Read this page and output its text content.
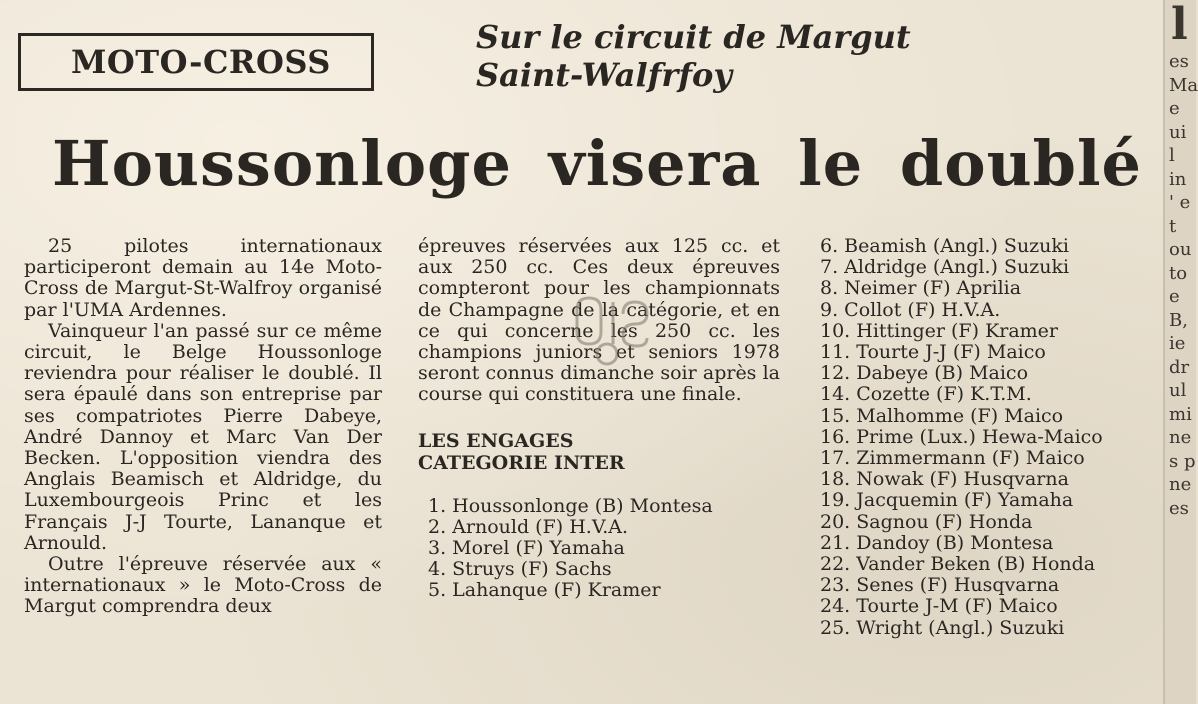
MOTO-CROSS
Sur le circuit de Margut
Saint-Walfrfoy
Houssonloge visera le doublé

25 pilotes internationaux participeront demain au 14e Moto-Cross de Margut-St-Walfroy organisé par l'UMA Ardennes.

Vainqueur l'an passé sur ce même circuit, le Belge Houssonloge reviendra pour réaliser le doublé. Il sera épaulé dans son entreprise par ses compatriotes Pierre Dabeye, André Dannoy et Marc Van Der Becken. L'opposition viendra des Anglais Beamisch et Aldridge, du Luxembourgeois Princ et les Français J-J Tourte, Lananque et Arnould.

Outre l'épreuve réservée aux « internationaux » le Moto-Cross de Margut comprendra deux

épreuves réservées aux 125 cc. et aux 250 cc. Ces deux épreuves compteront pour les championnats de Champagne de la catégorie, et en ce qui concerne les 250 cc. les champions juniors et seniors 1978 seront connus dimanche soir après la course qui constituera une finale.

LES ENGAGES
CATEGORIE INTER
1. Houssonlonge (B) Montesa
2. Arnould (F) H.V.A.
3. Morel (F) Yamaha
4. Struys (F) Sachs
5. Lahanque (F) Kramer
6. Beamish (Angl.) Suzuki
7. Aldridge (Angl.) Suzuki
8. Neimer (F) Aprilia
9. Collot (F) H.V.A.
10. Hittinger (F) Kramer
11. Tourte J-J (F) Maico
12. Dabeye (B) Maico
14. Cozette (F) K.T.M.
15. Malhomme (F) Maico
16. Prime (Lux.) Hewa-Maico
17. Zimmermann (F) Maico
18. Nowak (F) Husqvarna
19. Jacquemin (F) Yamaha
20. Sagnou (F) Honda
21. Dandoy (B) Montesa
22. Vander Beken (B) Honda
23. Senes (F) Husqvarna
24. Tourte J-M (F) Maico
25. Wright (Angl.) Suzuki
l
es
Ma
e
ui
l
in
' e
t
ou
to
e
B,
ie
dr
ul
mi
ne
s p
ne
es
